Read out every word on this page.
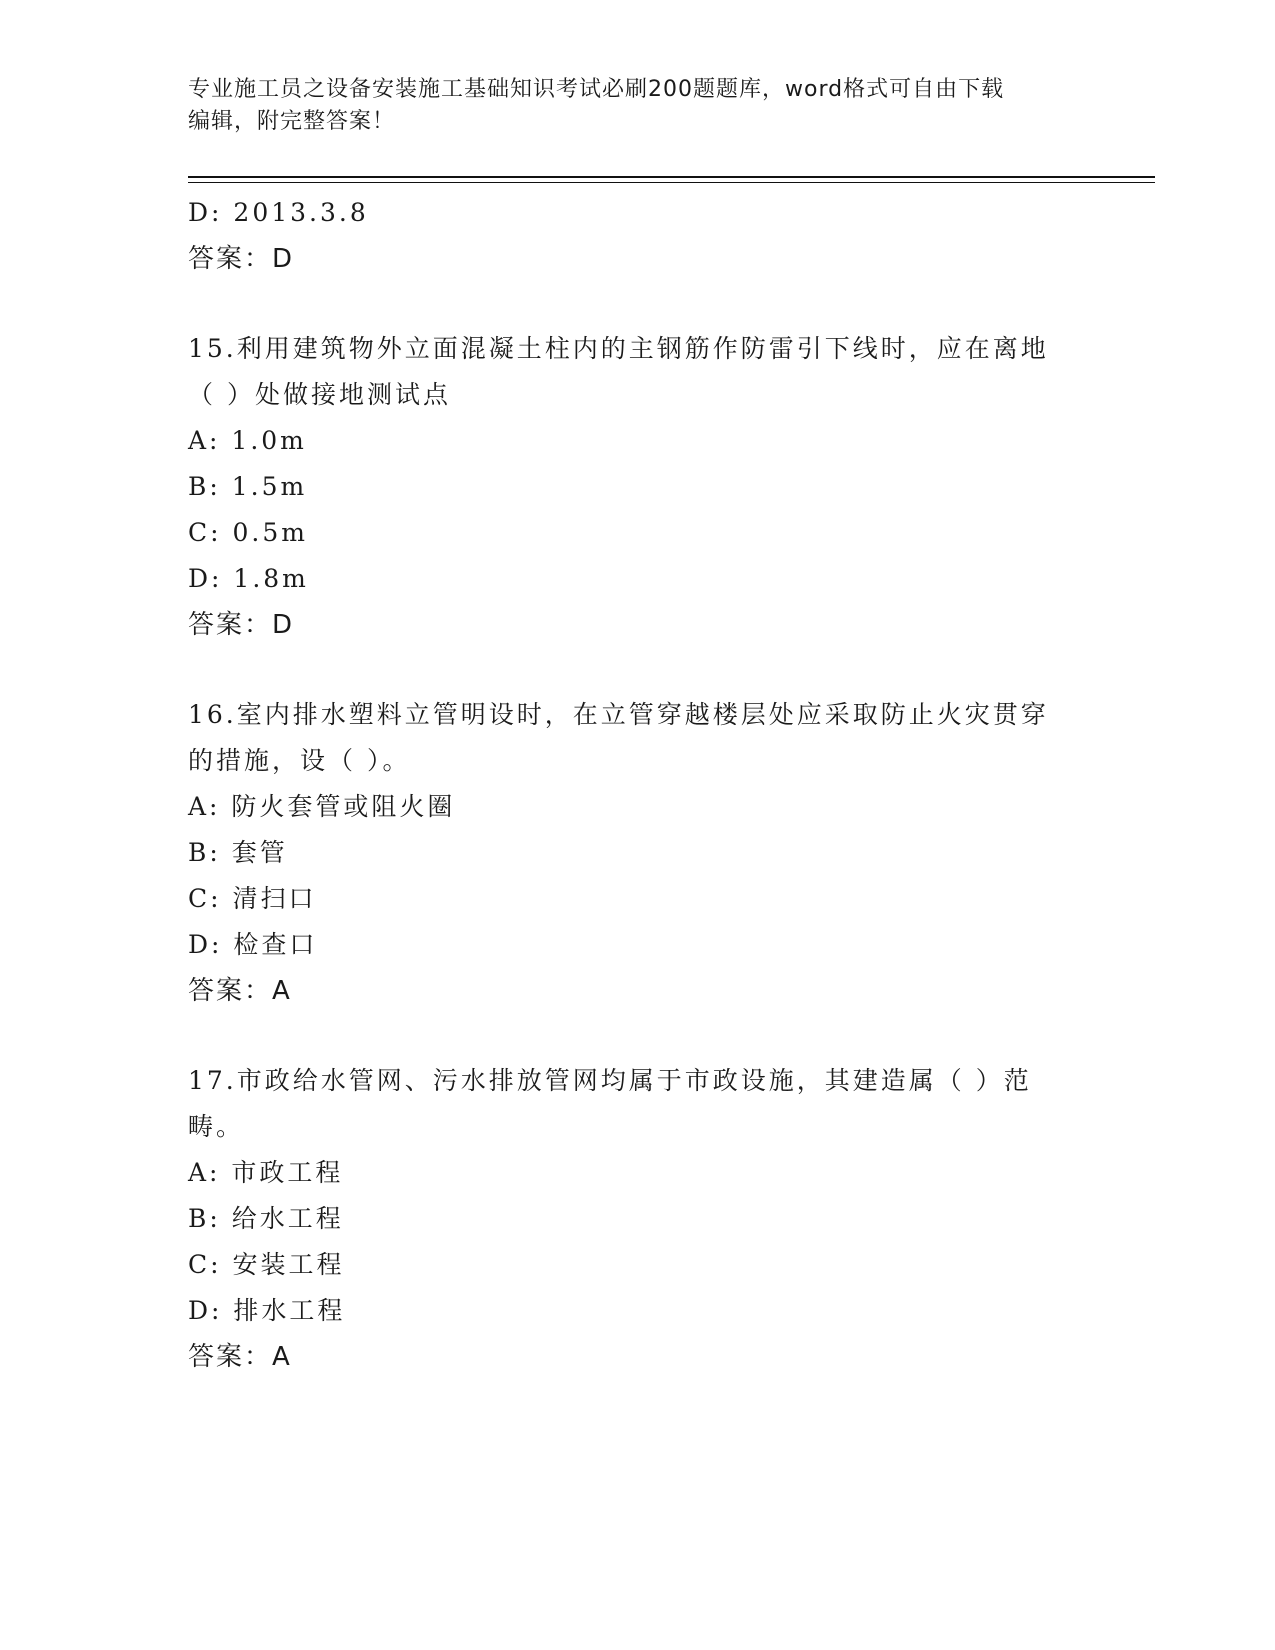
专业施工员之设备安装施工基础知识考试必刷200题题库，word格式可自由下载
编辑，附完整答案！
D: 2013.3.8
答案：D
15.利用建筑物外立面混凝土柱内的主钢筋作防雷引下线时，应在离地
（ ）处做接地测试点
A: 1.0m
B: 1.5m
C: 0.5m
D: 1.8m
答案：D
16.室内排水塑料立管明设时，在立管穿越楼层处应采取防止火灾贯穿
的措施，设（ ）。
A: 防火套管或阻火圈
B: 套管
C: 清扫口
D: 检查口
答案：A
17.市政给水管网、污水排放管网均属于市政设施，其建造属（ ）范
畴。
A: 市政工程
B: 给水工程
C: 安装工程
D: 排水工程
答案：A
